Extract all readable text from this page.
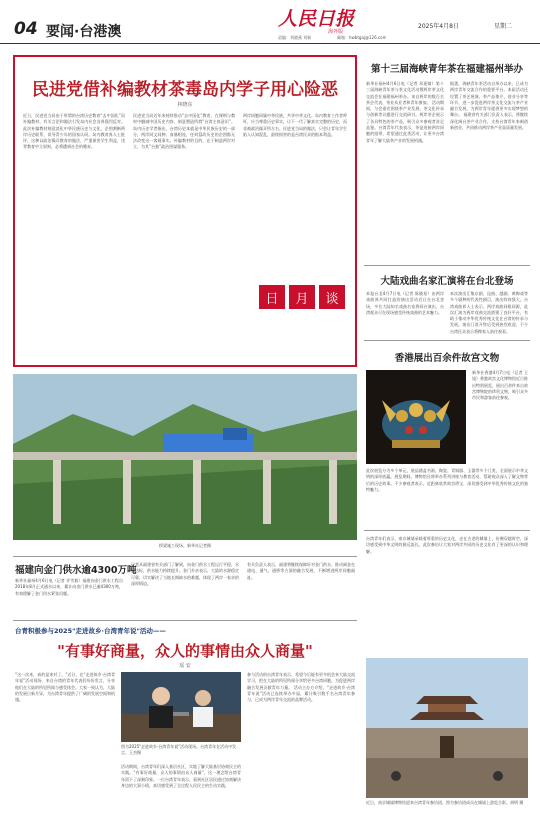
04 要闻·台港澳
人民日报
海外版
责编：刘晓燕 刘新	邮箱：hwbtgaj@126.com
2025年4月8日	星期二
民进党借补编教材茶毒岛内学子用心险恶
林晓东
近日，民进党当局由于所谓的台湾历史教育“去中国化”而补编教材，有关言论和做法引发岛内社会各界强烈反对。此次补编教材刻意淡化中华民族历史与文化，企图割断两岸历史联系，误导青少年的国家认同。岛内教育界人士批评，这种以政治操弄教育的做法，严重损害学生利益，违背教育中立原则，必将遭到社会的唾弃。
民进党当局近年来持续推动“去中国化”教育，在课纲与教材中删减中国历史内容，刻意塑造所谓“台湾主体意识”。岛内历史学者指出，台湾历史本就是中华民族历史的一部分，两岸同文同种、血脉相连，任何篡改历史的企图都无法改变这一客观事实。补编教材的目的，在于制造两岸对立，为其“台独”政治图谋服务。
两岸同胞同属中华民族，共享中华文化。岛内教育工作者呼吁，应当尊重历史事实，让下一代了解真实完整的历史，而非被政治操弄所左右。民进党当局的做法，只会让青年学生陷入认知混乱，最终损害的是台湾民众的根本利益。
日	月	谈
第十三届海峡青年茶在福建福州举办
新华社福州4月6日电（记者 邓嘉婧）第十三届海峡青年茶与茶文化活动暨两岸茶文化交流会在福建福州举办。来自两岸的数百名茶企代表、茶业从业者和青年参加。 活动期间，与会嘉宾围绕茶产业发展、茶文化传承与创新等议题进行交流研讨。两岸茶企展示了各具特色的茶产品，吸引众多参观者驻足品鉴。台湾青年代表表示，茶是连接两岸同胞的纽带，希望通过此类活动，让更多台湾青年了解大陆茶产业的发展机遇。
据悉，海峡青年茶活动自举办以来，已成为两岸青年交流合作的重要平台。本届活动还设置了茶艺展演、茶产品推介、创业分享等环节，进一步促进两岸茶文化交流与茶产业融合发展，为两岸青年提供更多实现梦想的舞台。 福建省有关部门负责人表示，将继续深化闽台茶产业合作，支持台湾青年来闽创新创业，共同推动两岸茶产业高质量发展。
大陆戏曲名家汇演将在台北登场
本报台北4月7日电（记者 陈晓星）由两岸戏曲界共同打造的演出活动近日在台北登场，多位大陆知名戏曲名家将同台演出，台湾观众可在现场感受传统戏曲的艺术魅力。
本次演出汇集京剧、昆曲、越剧、黄梅戏等多个剧种的代表性剧目，演出阵容强大。台湾戏曲界人士表示，两岸戏曲同根同源，此次汇演为两岸戏曲交流搭建了良好平台，有助于推动中华优秀传统文化在台湾的传承与发展。演出门票开售后受到热烈欢迎，不少台湾民众表示将携家人前往观看。
香港展出百余件故宫文物
新华社香港4月7日电（记者 王旭）香港故宫文化博物馆近日推出特别展览，展出百余件来自故宫博物院的珍贵文物，吸引众多市民和游客前往参观。
此次展览分为多个单元，展品涵盖书画、陶瓷、青铜器、玉器等多个门类，全面展示中华文明的深厚底蕴。展览期间，博物馆还将举办系列讲座与教育活动，帮助观众深入了解文物背后的历史故事。不少参观者表示，近距离欣赏故宫珍宝，深切感受到中华优秀传统文化的独特魅力。
桥梁施工现场。新华社记者摄
福建向金门供水逾4300万吨
新华社福州4月6日电（记者 许雪毅）福建向金门供水工程自2018年8月正式通水以来，累计向金门供水已逾4300万吨，有效缓解了金门用水紧张问题。
记者从福建省有关部门了解到，向金门供水工程运行平稳，水质达标，供水能力持续提升。金门乡亲表示，大陆的水源稳定可靠，切实解决了当地长期缺水的难题，体现了两岸一家亲的深厚情谊。
有关负责人表示，福建将继续保障好对金门供水，推动闽金在通电、通气、通桥等方面的融合发展，不断增进两岸同胞福祉。
台青积极参与2025"走进故乡·台湾青年说"活动——
"有事好商量，众人的事情由众人商量"
瑶 安
“这一次来，真的是来对了。”近日，在“走进故乡·台湾青年说”活动现场，来自台湾的青年代表们纷纷发言，分享他们在大陆的所见所闻与感受体会。大家一致认为，大陆的发展日新月异，为台湾青年提供了广阔的发展空间和机遇。
图为2025"走进故乡·台湾青年说"活动现场。台湾青年在活动中发言。王杰摄
活动期间，台湾青年们深入基层社区，实地了解大陆基层协商民主的实践。“有事好商量，众人的事情由众人商量”，这一理念给台湾青年留下了深刻印象。一位台湾青年表示，看到社区居民通过协商解决身边的大事小情，真切感受到了全过程人民民主的生动实践。
参与活动的台湾青年表示，希望今后能有更多机会来大陆交流学习，把在大陆的所见所闻分享给更多台湾同胞，为促进两岸融合发展贡献青年力量。 活动主办方介绍，“走进故乡·台湾青年说”活动已连续举办多届，累计吸引数千名台湾青年参与，已成为两岸青年交流的品牌活动。
台湾青年们表示，南京城墙承载着厚重的历史文化，走在古老的城墙上，仿佛穿越时空，深切感受到中华文明的源远流长。此次参访让大家对两岸共同的历史文化有了更深的认识和理解。
近日，南京城墙博物馆迎来台湾青年参访团。图为参访团成员在城墙上游览合影。胡明 摄
